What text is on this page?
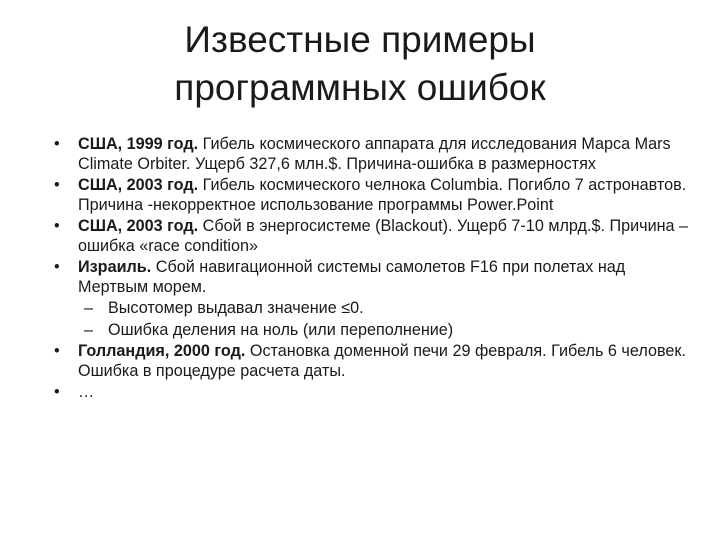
Известные примеры
программных ошибок
•	США, 1999 год. Гибель космического аппарата для исследования Марса Mars Climate Orbiter. Ущерб 327,6 млн.$. Причина-ошибка в размерностях
•	США, 2003 год. Гибель космического челнока Columbia. Погибло 7 астронавтов. Причина -некорректное использование программы Power.Point
•	США, 2003 год. Сбой в энергосистеме (Blackout). Ущерб 7-10 млрд.$. Причина – ошибка «race condition»
•	Израиль. Сбой навигационной системы самолетов F16 при полетах над Мертвым морем.
– Высотомер выдавал значение ≤0.
– Ошибка деления на ноль (или переполнение)
•	Голландия, 2000 год. Остановка доменной печи 29 февраля. Гибель 6 человек. Ошибка в процедуре расчета даты.
•	…
